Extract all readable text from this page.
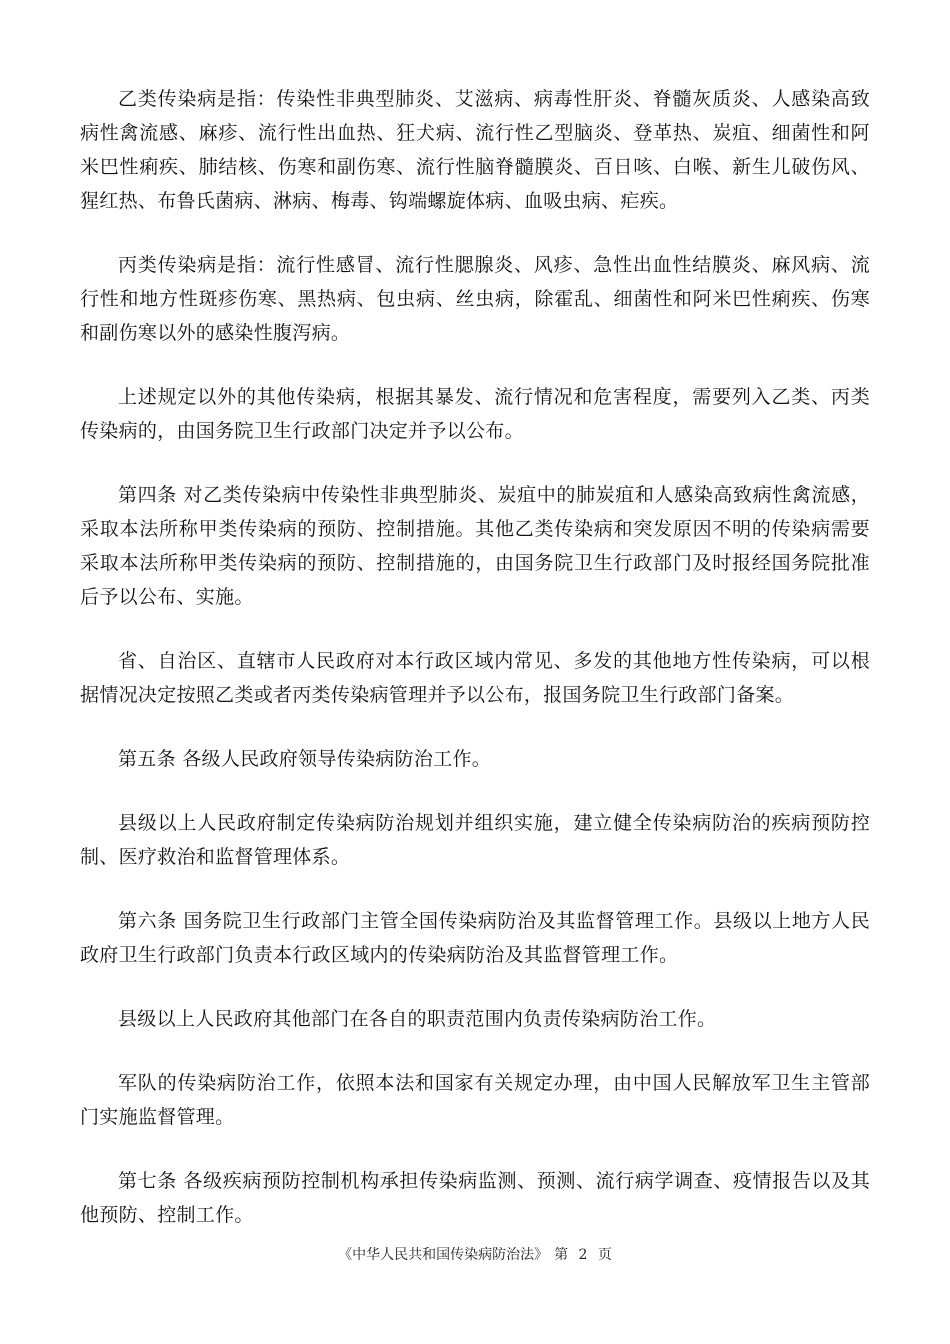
乙类传染病是指：传染性非典型肺炎、艾滋病、病毒性肝炎、脊髓灰质炎、人感染高致病性禽流感、麻疹、流行性出血热、狂犬病、流行性乙型脑炎、登革热、炭疽、细菌性和阿米巴性痢疾、肺结核、伤寒和副伤寒、流行性脑脊髓膜炎、百日咳、白喉、新生儿破伤风、猩红热、布鲁氏菌病、淋病、梅毒、钩端螺旋体病、血吸虫病、疟疾。

丙类传染病是指：流行性感冒、流行性腮腺炎、风疹、急性出血性结膜炎、麻风病、流行性和地方性斑疹伤寒、黑热病、包虫病、丝虫病，除霍乱、细菌性和阿米巴性痢疾、伤寒和副伤寒以外的感染性腹泻病。

上述规定以外的其他传染病，根据其暴发、流行情况和危害程度，需要列入乙类、丙类传染病的，由国务院卫生行政部门决定并予以公布。

第四条 对乙类传染病中传染性非典型肺炎、炭疽中的肺炭疽和人感染高致病性禽流感，采取本法所称甲类传染病的预防、控制措施。其他乙类传染病和突发原因不明的传染病需要采取本法所称甲类传染病的预防、控制措施的，由国务院卫生行政部门及时报经国务院批准后予以公布、实施。

省、自治区、直辖市人民政府对本行政区域内常见、多发的其他地方性传染病，可以根据情况决定按照乙类或者丙类传染病管理并予以公布，报国务院卫生行政部门备案。

第五条 各级人民政府领导传染病防治工作。

县级以上人民政府制定传染病防治规划并组织实施，建立健全传染病防治的疾病预防控制、医疗救治和监督管理体系。

第六条 国务院卫生行政部门主管全国传染病防治及其监督管理工作。县级以上地方人民政府卫生行政部门负责本行政区域内的传染病防治及其监督管理工作。

县级以上人民政府其他部门在各自的职责范围内负责传染病防治工作。

军队的传染病防治工作，依照本法和国家有关规定办理，由中国人民解放军卫生主管部门实施监督管理。

第七条 各级疾病预防控制机构承担传染病监测、预测、流行病学调查、疫情报告以及其他预防、控制工作。

《中华人民共和国传染病防治法》 第 2 页
